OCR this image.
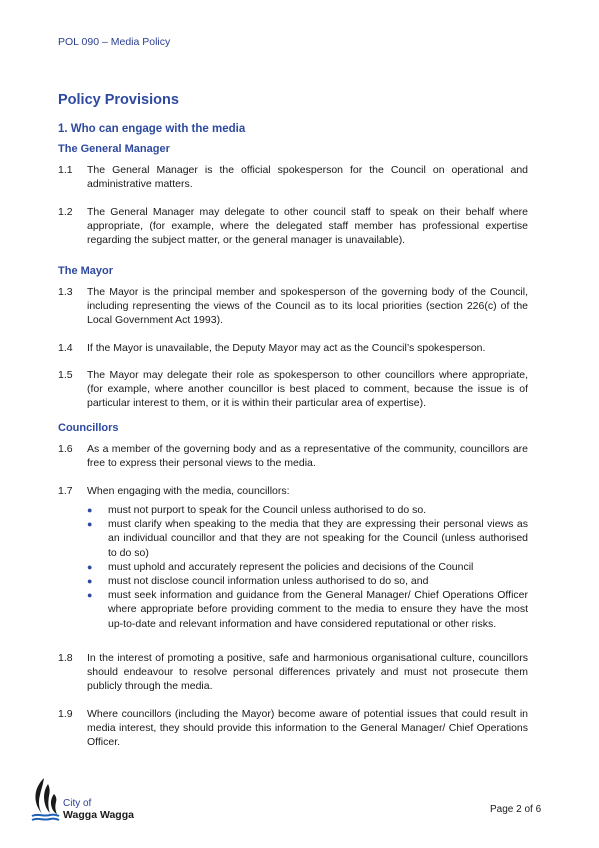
POL 090 – Media Policy
Policy Provisions
1. Who can engage with the media
The General Manager
1.1	The General Manager is the official spokesperson for the Council on operational and administrative matters.
1.2	The General Manager may delegate to other council staff to speak on their behalf where appropriate, (for example, where the delegated staff member has professional expertise regarding the subject matter, or the general manager is unavailable).
The Mayor
1.3	The Mayor is the principal member and spokesperson of the governing body of the Council, including representing the views of the Council as to its local priorities (section 226(c) of the Local Government Act 1993).
1.4	If the Mayor is unavailable, the Deputy Mayor may act as the Council’s spokesperson.
1.5	The Mayor may delegate their role as spokesperson to other councillors where appropriate, (for example, where another councillor is best placed to comment, because the issue is of particular interest to them, or it is within their particular area of expertise).
Councillors
1.6	As a member of the governing body and as a representative of the community, councillors are free to express their personal views to the media.
1.7	When engaging with the media, councillors:
● must not purport to speak for the Council unless authorised to do so.
● must clarify when speaking to the media that they are expressing their personal views as an individual councillor and that they are not speaking for the Council (unless authorised to do so)
● must uphold and accurately represent the policies and decisions of the Council
● must not disclose council information unless authorised to do so, and
● must seek information and guidance from the General Manager/ Chief Operations Officer where appropriate before providing comment to the media to ensure they have the most up-to-date and relevant information and have considered reputational or other risks.
1.8	In the interest of promoting a positive, safe and harmonious organisational culture, councillors should endeavour to resolve personal differences privately and must not prosecute them publicly through the media.
1.9	Where councillors (including the Mayor) become aware of potential issues that could result in media interest, they should provide this information to the General Manager/ Chief Operations Officer.
City of
Wagga Wagga	Page 2 of 6
